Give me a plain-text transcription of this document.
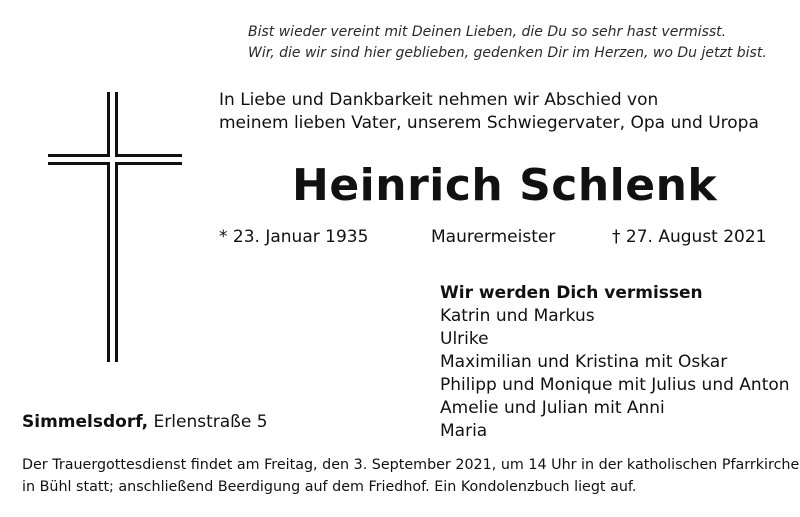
Bist wieder vereint mit Deinen Lieben, die Du so sehr hast vermisst.
Wir, die wir sind hier geblieben, gedenken Dir im Herzen, wo Du jetzt bist.
In Liebe und Dankbarkeit nehmen wir Abschied von
meinem lieben Vater, unserem Schwiegervater, Opa und Uropa
Heinrich Schlenk
* 23. Januar 1935	Maurermeister	† 27. August 2021
Wir werden Dich vermissen
Katrin und Markus
Ulrike
Maximilian und Kristina mit Oskar
Philipp und Monique mit Julius und Anton
Amelie und Julian mit Anni
Maria
Simmelsdorf, Erlenstraße 5
Der Trauergottesdienst findet am Freitag, den 3. September 2021, um 14 Uhr in der katholischen Pfarrkirche
in Bühl statt; anschließend Beerdigung auf dem Friedhof. Ein Kondolenzbuch liegt auf.
